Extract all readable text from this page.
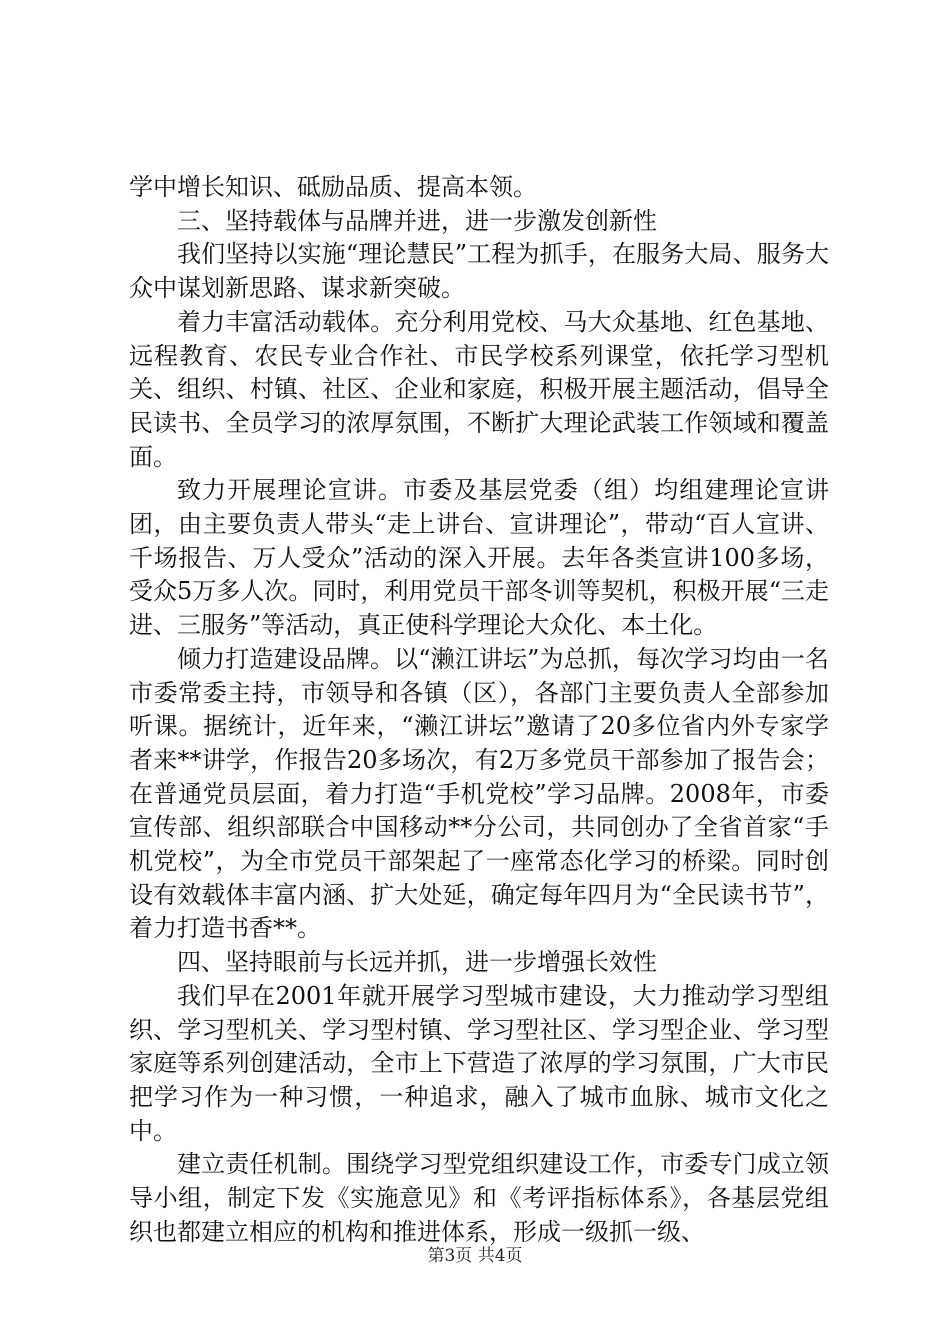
学中增长知识、砥励品质、提高本领。

三、坚持载体与品牌并进，进一步激发创新性

我们坚持以实施“理论慧民”工程为抓手，在服务大局、服务大众中谋划新思路、谋求新突破。

着力丰富活动载体。充分利用党校、马大众基地、红色基地、远程教育、农民专业合作社、市民学校系列课堂，依托学习型机关、组织、村镇、社区、企业和家庭，积极开展主题活动，倡导全民读书、全员学习的浓厚氛围，不断扩大理论武装工作领域和覆盖面。

致力开展理论宣讲。市委及基层党委（组）均组建理论宣讲团，由主要负责人带头“走上讲台、宣讲理论”，带动“百人宣讲、千场报告、万人受众”活动的深入开展。去年各类宣讲100多场，受众5万多人次。同时，利用党员干部冬训等契机，积极开展“三走进、三服务”等活动，真正使科学理论大众化、本土化。

倾力打造建设品牌。以“濑江讲坛”为总抓，每次学习均由一名市委常委主持，市领导和各镇（区），各部门主要负责人全部参加听课。据统计，近年来，“濑江讲坛”邀请了20多位省内外专家学者来**讲学，作报告20多场次，有2万多党员干部参加了报告会；在普通党员层面，着力打造“手机党校”学习品牌。2008年，市委宣传部、组织部联合中国移动**分公司，共同创办了全省首家“手机党校”，为全市党员干部架起了一座常态化学习的桥梁。同时创设有效载体丰富内涵、扩大处延，确定每年四月为“全民读书节”，着力打造书香**。

四、坚持眼前与长远并抓，进一步增强长效性

我们早在2001年就开展学习型城市建设，大力推动学习型组织、学习型机关、学习型村镇、学习型社区、学习型企业、学习型家庭等系列创建活动，全市上下营造了浓厚的学习氛围，广大市民把学习作为一种习惯，一种追求，融入了城市血脉、城市文化之中。

建立责任机制。围绕学习型党组织建设工作，市委专门成立领导小组，制定下发《实施意见》和《考评指标体系》，各基层党组织也都建立相应的机构和推进体系，形成一级抓一级、

第3页 共4页
